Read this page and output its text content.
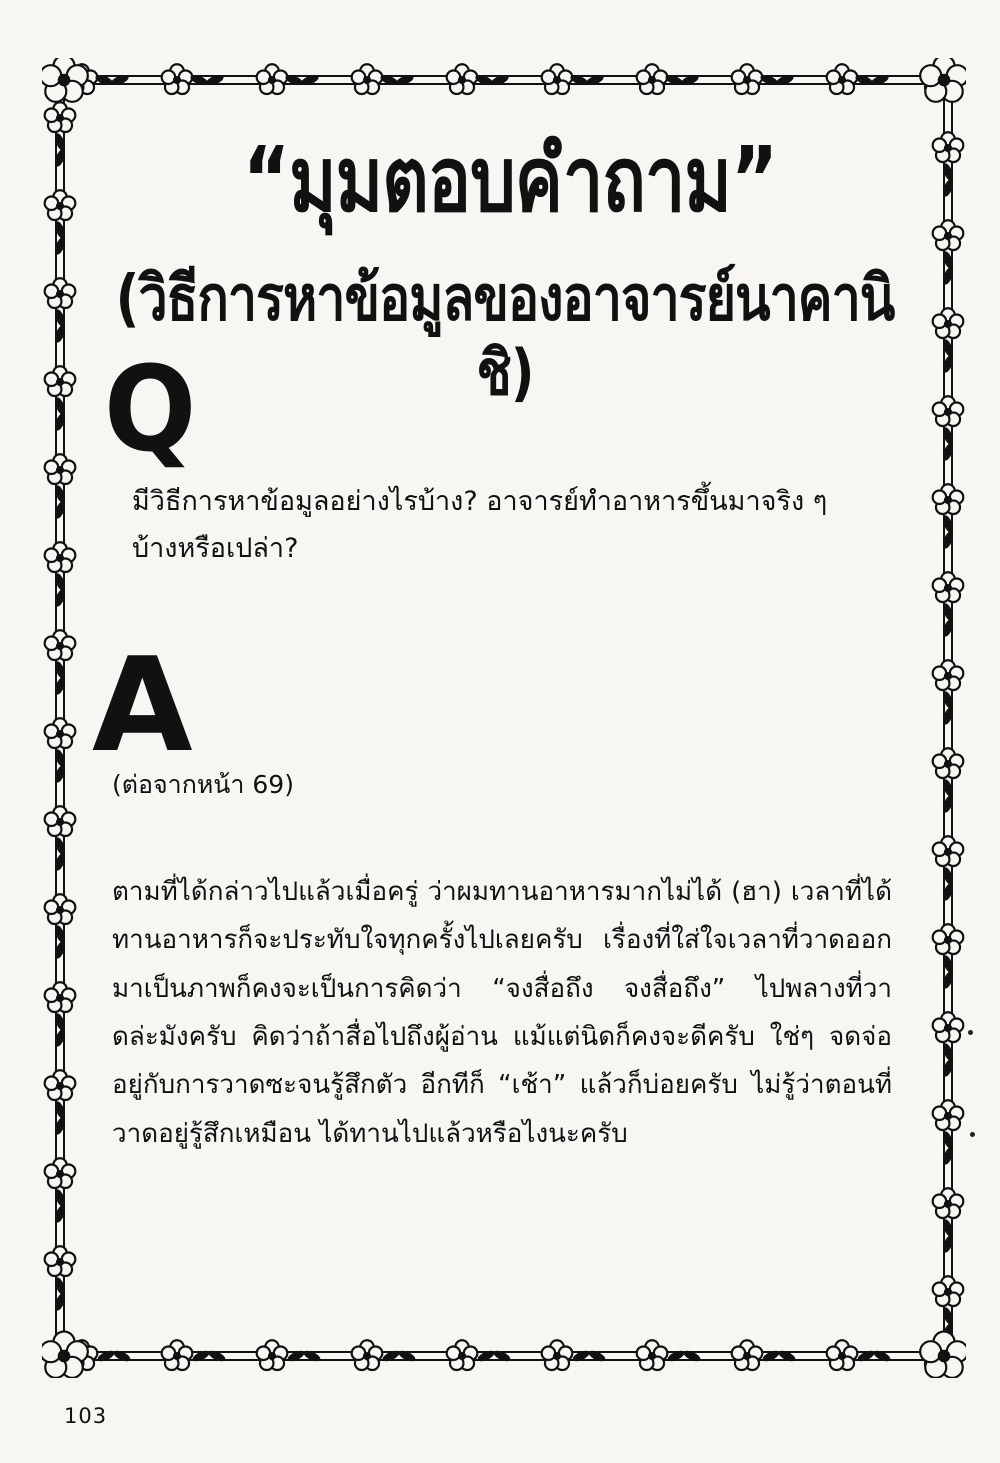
“มุมตอบคำถาม”
(วิธีการหาข้อมูลของอาจารย์นาคานิชิ)
Q

มีวิธีการหาข้อมูลอย่างไรบ้าง? อาจารย์ทำอาหารขึ้นมาจริง ๆบ้างหรือเปล่า?

A

(ต่อจากหน้า 69)

ตามที่ได้กล่าวไปแล้วเมื่อครู่ ว่าผมทานอาหารมากไม่ได้ (ฮา) เวลาที่ได้ทานอาหารก็จะประทับใจทุกครั้งไปเลยครับ เรื่องที่ใส่ใจเวลาที่วาดออกมาเป็นภาพก็คงจะเป็นการคิดว่า “จงสื่อถึง จงสื่อถึง” ไปพลางที่วาดล่ะมังครับ คิดว่าถ้าสื่อไปถึงผู้อ่าน แม้แต่นิดก็คงจะดีครับ ใช่ๆ จดจ่ออยู่กับการวาดซะจนรู้สึกตัว อีกทีก็ “เช้า” แล้วก็บ่อยครับ ไม่รู้ว่าตอนที่วาดอยู่รู้สึกเหมือน ได้ทานไปแล้วหรือไงนะครับ

103
